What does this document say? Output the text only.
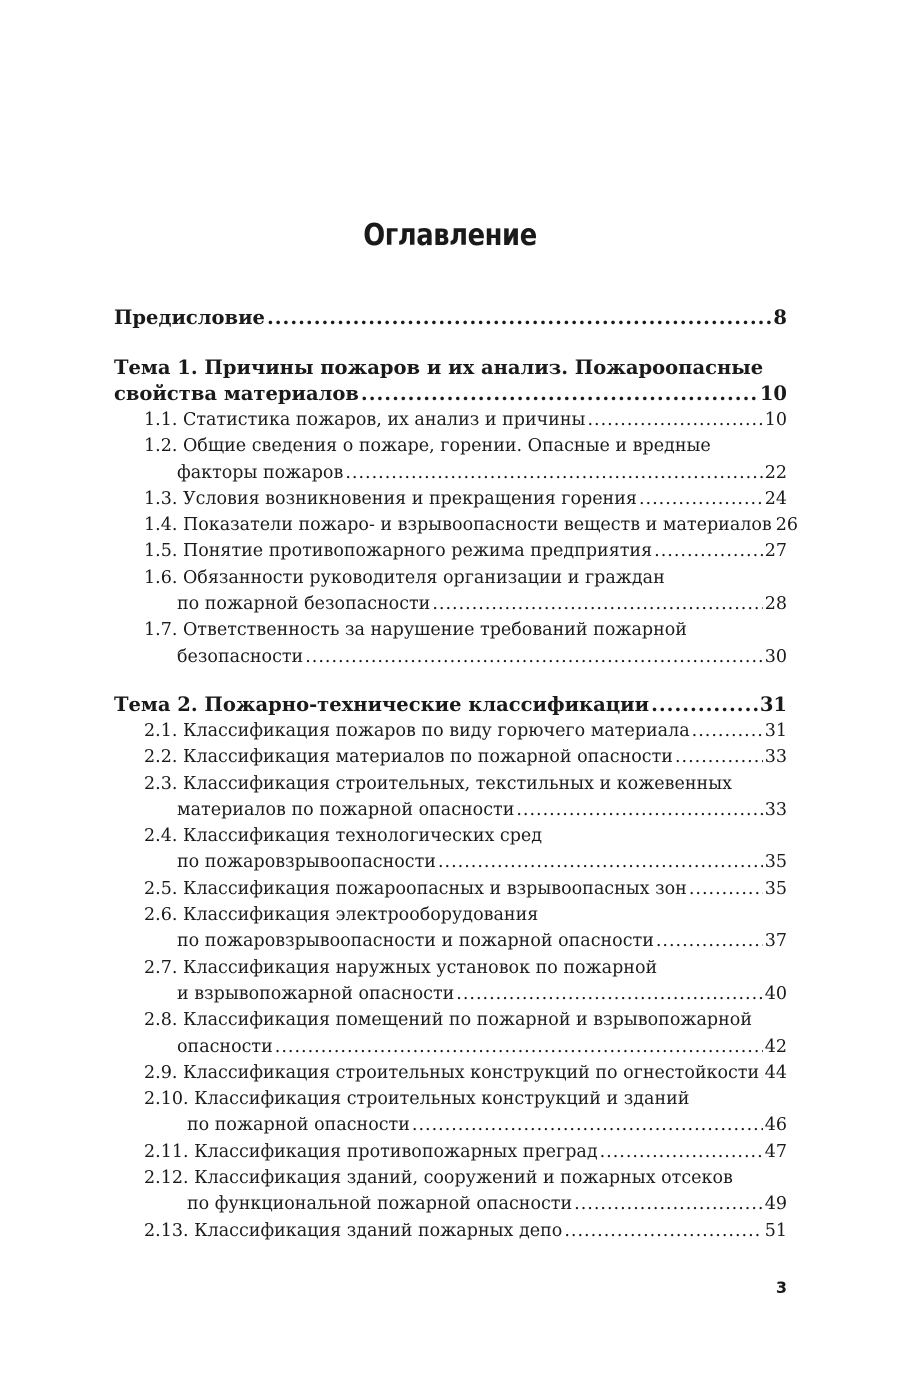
Оглавление
Предисловие .....	8
Тема 1. Причины пожаров и их анализ. Пожароопасные
свойства материалов .....	10
1.1. Статистика пожаров, их анализ и причины .....	10
1.2. Общие сведения о пожаре, горении. Опасные и вредные
факторы пожаров .....	22
1.3. Условия возникновения и прекращения горения .....	24
1.4. Показатели пожаро- и взрывоопасности веществ и материалов 26
1.5. Понятие противопожарного режима предприятия .....	27
1.6. Обязанности руководителя организации и граждан
по пожарной безопасности .....	28
1.7. Ответственность за нарушение требований пожарной
безопасности .....	30
Тема 2. Пожарно-технические классификации .....	31
2.1. Классификация пожаров по виду горючего материала .....	31
2.2. Классификация материалов по пожарной опасности .....	33
2.3. Классификация строительных, текстильных и кожевенных
материалов по пожарной опасности .....	33
2.4. Классификация технологических сред
по пожаровзрывоопасности .....	35
2.5. Классификация пожароопасных и взрывоопасных зон .....	35
2.6. Классификация электрооборудования
по пожаровзрывоопасности и пожарной опасности .....	37
2.7. Классификация наружных установок по пожарной
и взрывопожарной опасности .....	40
2.8. Классификация помещений по пожарной и взрывопожарной
опасности .....	42
2.9. Классификация строительных конструкций по огнестойкости ..... 44
2.10. Классификация строительных конструкций и зданий
по пожарной опасности .....	46
2.11. Классификация противопожарных преград .....	47
2.12. Классификация зданий, сооружений и пожарных отсеков
по функциональной пожарной опасности .....	49
2.13. Классификация зданий пожарных депо .....	51
3
